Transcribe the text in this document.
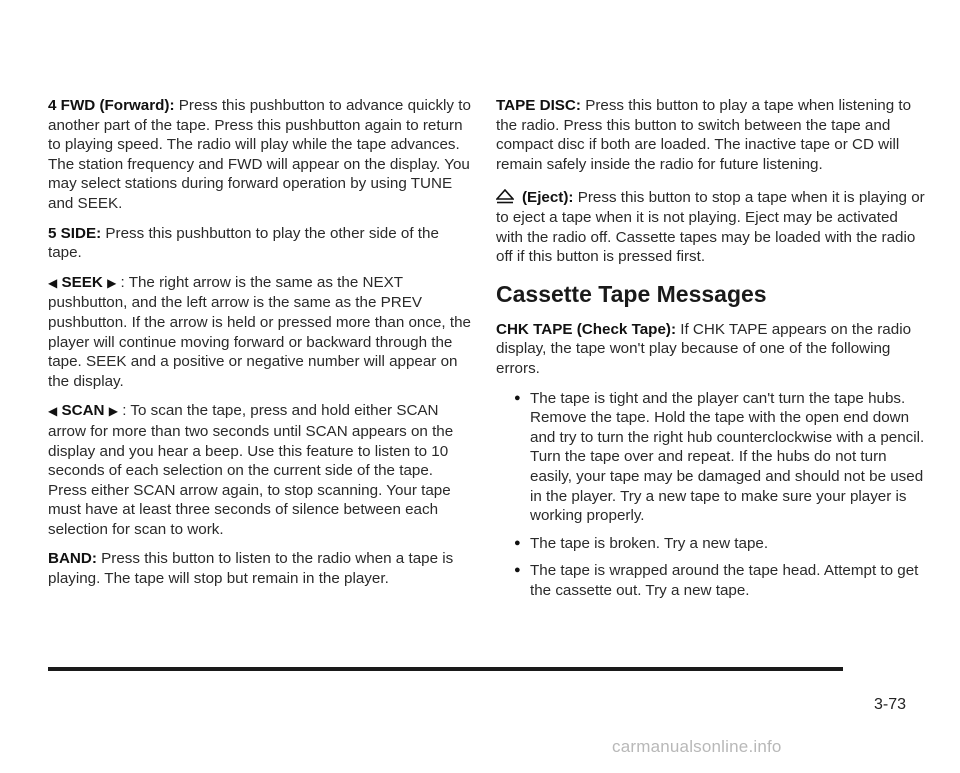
4 FWD (Forward): Press this pushbutton to advance quickly to another part of the tape. Press this pushbutton again to return to playing speed. The radio will play while the tape advances. The station frequency and FWD will appear on the display. You may select stations during forward operation by using TUNE and SEEK.

5 SIDE: Press this pushbutton to play the other side of the tape.

◀ SEEK ▶ : The right arrow is the same as the NEXT pushbutton, and the left arrow is the same as the PREV pushbutton. If the arrow is held or pressed more than once, the player will continue moving forward or backward through the tape. SEEK and a positive or negative number will appear on the display.

◀ SCAN ▶ : To scan the tape, press and hold either SCAN arrow for more than two seconds until SCAN appears on the display and you hear a beep. Use this feature to listen to 10 seconds of each selection on the current side of the tape. Press either SCAN arrow again, to stop scanning. Your tape must have at least three seconds of silence between each selection for scan to work.

BAND: Press this button to listen to the radio when a tape is playing. The tape will stop but remain in the player.

TAPE DISC: Press this button to play a tape when listening to the radio. Press this button to switch between the tape and compact disc if both are loaded. The inactive tape or CD will remain safely inside the radio for future listening.

(Eject): Press this button to stop a tape when it is playing or to eject a tape when it is not playing. Eject may be activated with the radio off. Cassette tapes may be loaded with the radio off if this button is pressed first.

Cassette Tape Messages

CHK TAPE (Check Tape): If CHK TAPE appears on the radio display, the tape won't play because of one of the following errors.

● The tape is tight and the player can't turn the tape hubs. Remove the tape. Hold the tape with the open end down and try to turn the right hub counterclockwise with a pencil. Turn the tape over and repeat. If the hubs do not turn easily, your tape may be damaged and should not be used in the player. Try a new tape to make sure your player is working properly.
● The tape is broken. Try a new tape.
● The tape is wrapped around the tape head. Attempt to get the cassette out. Try a new tape.
3-73
carmanualsonline.info
